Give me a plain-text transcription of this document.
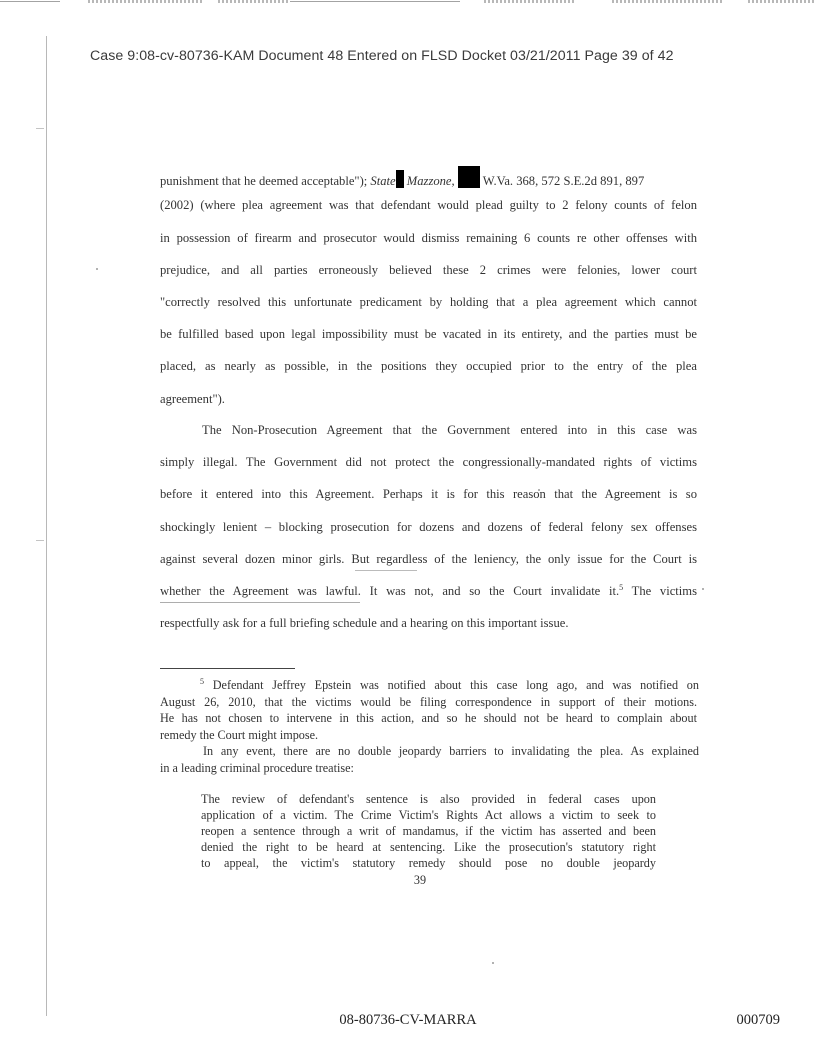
Case 9:08-cv-80736-KAM Document 48 Entered on FLSD Docket 03/21/2011 Page 39 of 42
punishment that he deemed acceptable"); State Mazzone,  W.Va. 368, 572 S.E.2d 891, 897
(2002) (where plea agreement was that defendant would plead guilty to 2 felony counts of felon
in possession of firearm and prosecutor would dismiss remaining 6 counts re other offenses with
prejudice, and all parties erroneously believed these 2 crimes were felonies, lower court
"correctly resolved this unfortunate predicament by holding that a plea agreement which cannot
be fulfilled based upon legal impossibility must be vacated in its entirety, and the parties must be
placed, as nearly as possible, in the positions they occupied prior to the entry of the plea
agreement").
The Non-Prosecution Agreement that the Government entered into in this case was
simply illegal. The Government did not protect the congressionally-mandated rights of victims
before it entered into this Agreement. Perhaps it is for this reason that the Agreement is so
shockingly lenient – blocking prosecution for dozens and dozens of federal felony sex offenses
against several dozen minor girls. But regardless of the leniency, the only issue for the Court is
whether the Agreement was lawful. It was not, and so the Court invalidate it.$^5$ The victims
respectfully ask for a full briefing schedule and a hearing on this important issue.
$^5$ Defendant Jeffrey Epstein was notified about this case long ago, and was notified on
August 26, 2010, that the victims would be filing correspondence in support of their motions.
He has not chosen to intervene in this action, and so he should not be heard to complain about
remedy the Court might impose.
In any event, there are no double jeopardy barriers to invalidating the plea. As explained
in a leading criminal procedure treatise:
The review of defendant's sentence is also provided in federal cases upon
application of a victim. The Crime Victim's Rights Act allows a victim to seek to
reopen a sentence through a writ of mandamus, if the victim has asserted and been
denied the right to be heard at sentencing. Like the prosecution's statutory right
to appeal, the victim's statutory remedy should pose no double jeopardy
39
08-80736-CV-MARRA	000709
